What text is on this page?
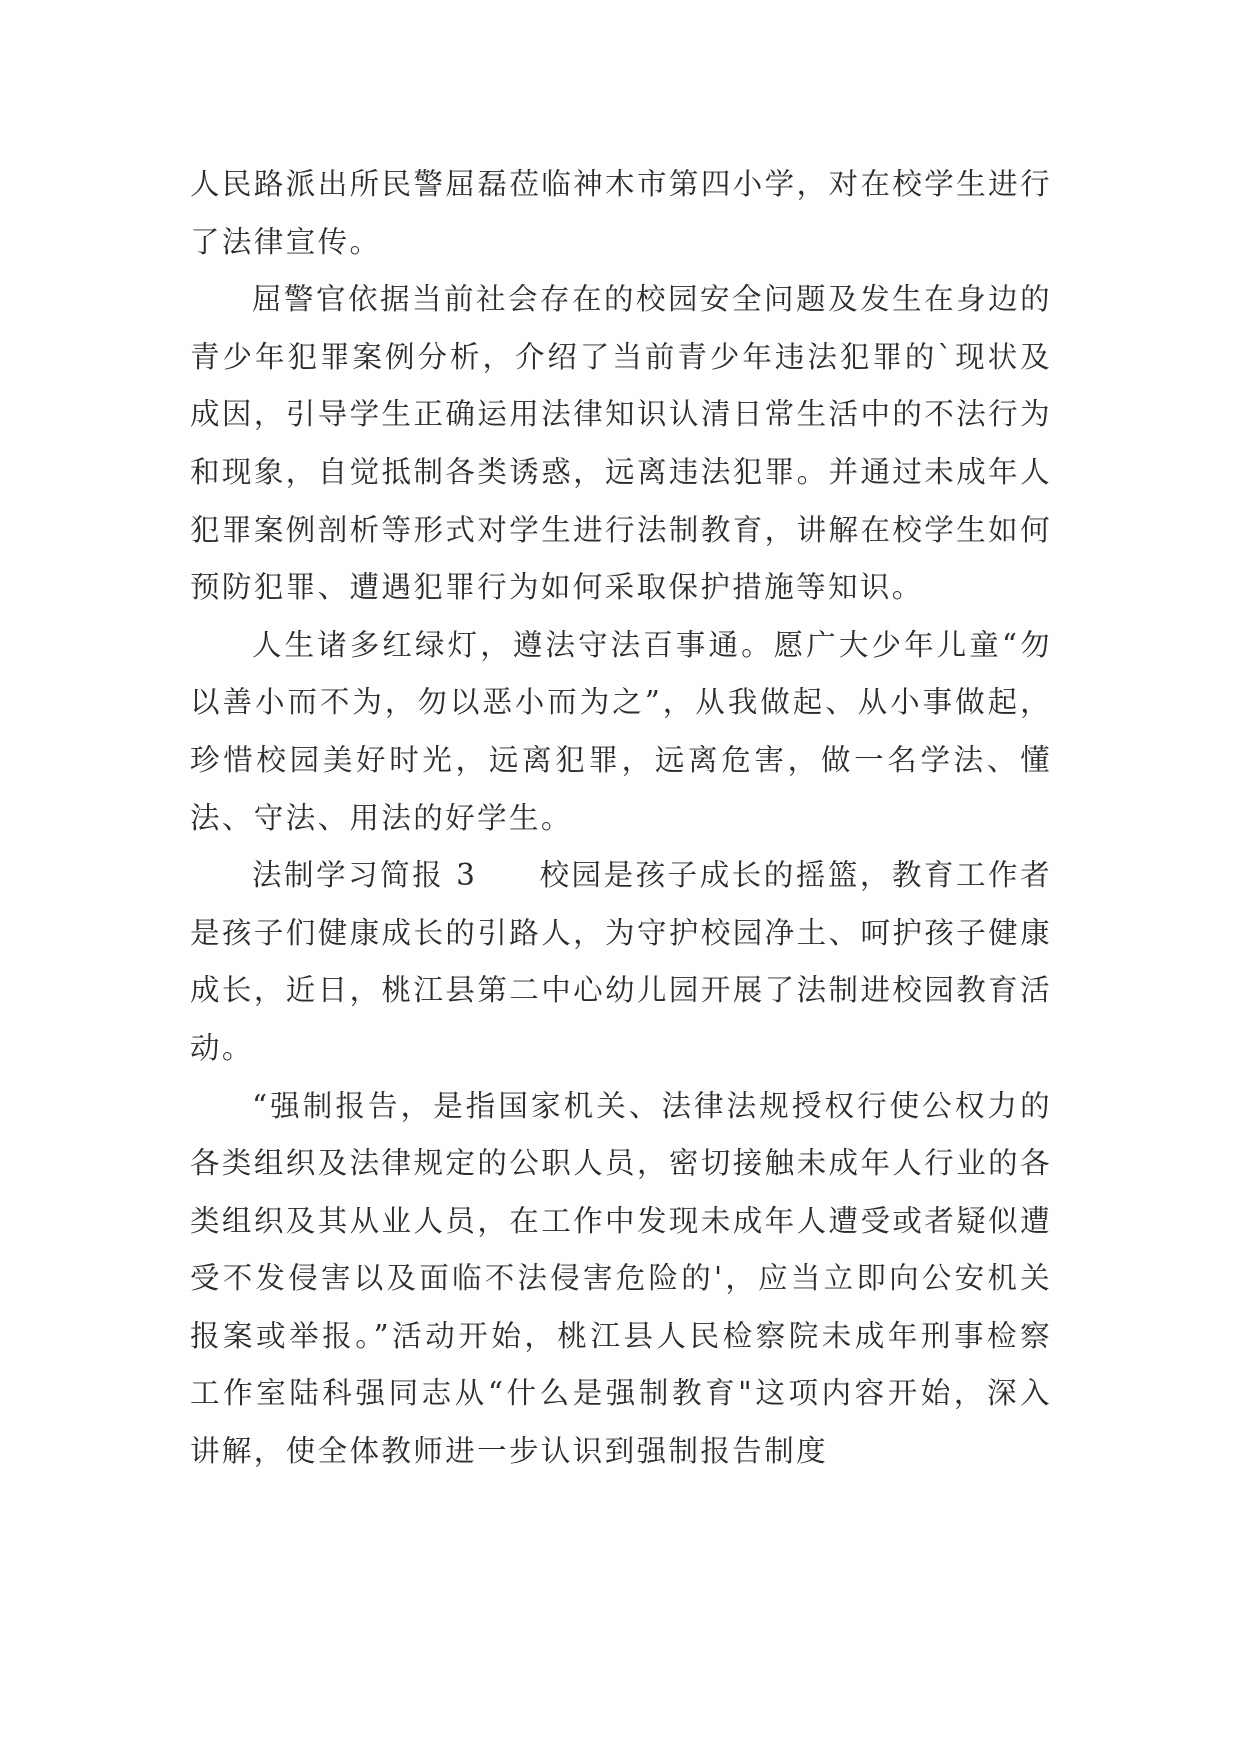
人民路派出所民警屈磊莅临神木市第四小学，对在校学生进行了法律宣传。

屈警官依据当前社会存在的校园安全问题及发生在身边的青少年犯罪案例分析，介绍了当前青少年违法犯罪的`现状及成因，引导学生正确运用法律知识认清日常生活中的不法行为和现象，自觉抵制各类诱惑，远离违法犯罪。并通过未成年人犯罪案例剖析等形式对学生进行法制教育，讲解在校学生如何预防犯罪、遭遇犯罪行为如何采取保护措施等知识。

人生诸多红绿灯，遵法守法百事通。愿广大少年儿童“勿以善小而不为，勿以恶小而为之”，从我做起、从小事做起，珍惜校园美好时光，远离犯罪，远离危害，做一名学法、懂法、守法、用法的好学生。

法制学习简报 3 校园是孩子成长的摇篮，教育工作者是孩子们健康成长的引路人，为守护校园净土、呵护孩子健康成长，近日，桃江县第二中心幼儿园开展了法制进校园教育活动。

“强制报告，是指国家机关、法律法规授权行使公权力的各类组织及法律规定的公职人员，密切接触未成年人行业的各类组织及其从业人员，在工作中发现未成年人遭受或者疑似遭受不发侵害以及面临不法侵害危险的'，应当立即向公安机关报案或举报。”活动开始，桃江县人民检察院未成年刑事检察工作室陆科强同志从“什么是强制教育"这项内容开始，深入讲解，使全体教师进一步认识到强制报告制度
